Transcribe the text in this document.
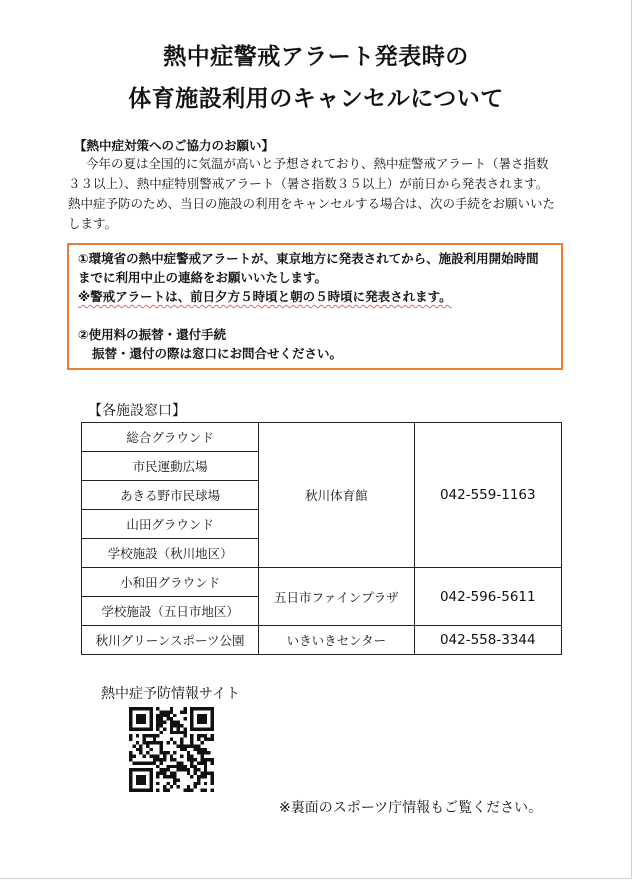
熱中症警戒アラート発表時の
体育施設利用のキャンセルについて
【熱中症対策へのご協力のお願い】
今年の夏は全国的に気温が高いと予想されており、熱中症警戒アラート（暑さ指数
３３以上）、熱中症特別警戒アラート（暑さ指数３５以上）が前日から発表されます。
熱中症予防のため、当日の施設の利用をキャンセルする場合は、次の手続をお願いいた
します。
①環境省の熱中症警戒アラートが、東京地方に発表されてから、施設利用開始時間
までに利用中止の連絡をお願いいたします。
※警戒アラートは、前日夕方５時頃と朝の５時頃に発表されます。
②使用料の振替・還付手続
振替・還付の際は窓口にお問合せください。
【各施設窓口】
総合グラウンド	秋川体育館	042-559-1163
市民運動広場		
あきる野市民球場		
山田グラウンド		
学校施設（秋川地区）		
小和田グラウンド	五日市ファインプラザ	042-596-5611
学校施設（五日市地区）		
秋川グリーンスポーツ公園	いきいきセンター	042-558-3344
熱中症予防情報サイト
※裏面のスポーツ庁情報もご覧ください。
